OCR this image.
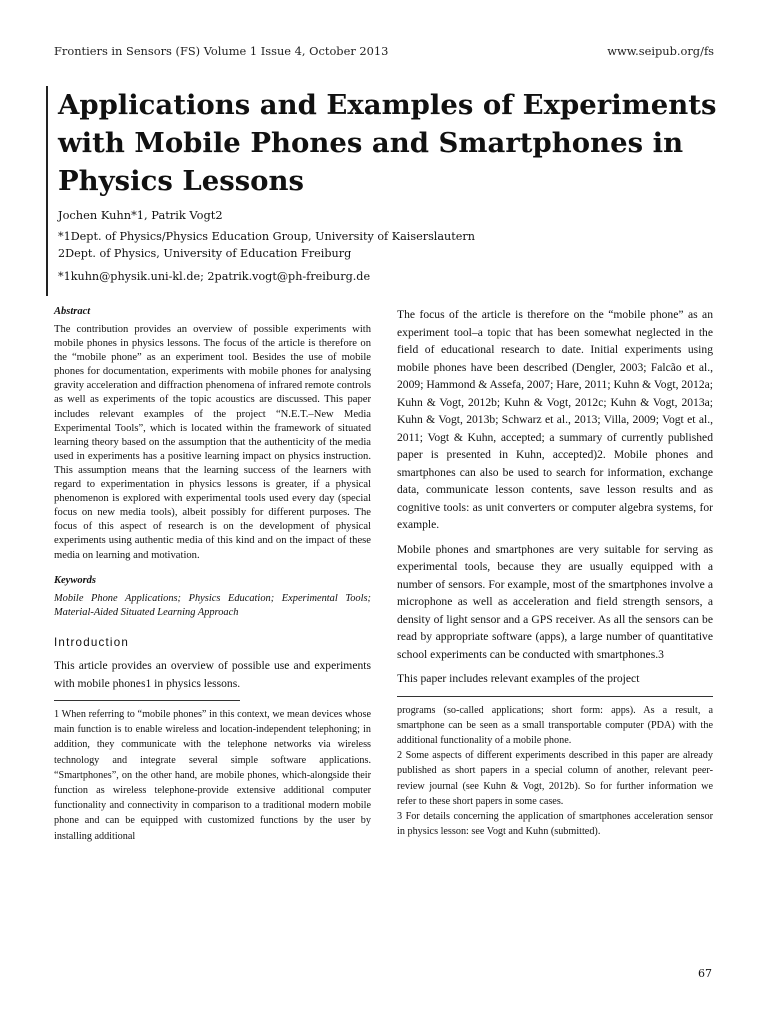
Frontiers in Sensors (FS) Volume 1 Issue 4, October 2013	www.seipub.org/fs
Applications and Examples of Experiments with Mobile Phones and Smartphones in Physics Lessons
Jochen Kuhn*1, Patrik Vogt2
*1Dept. of Physics/Physics Education Group, University of Kaiserslautern
2Dept. of Physics, University of Education Freiburg
*1kuhn@physik.uni-kl.de; 2patrik.vogt@ph-freiburg.de
Abstract

The contribution provides an overview of possible experiments with mobile phones in physics lessons. The focus of the article is therefore on the “mobile phone” as an experiment tool. Besides the use of mobile phones for documentation, experiments with mobile phones for analysing gravity acceleration and diffraction phenomena of infrared remote controls as well as experiments of the topic acoustics are discussed. This paper includes relevant examples of the project “N.E.T.–New Media Experimental Tools”, which is located within the framework of situated learning theory based on the assumption that the authenticity of the media used in experiments has a positive learning impact on physics instruction. This assumption means that the learning success of the learners with regard to experimentation in physics lessons is greater, if a physical phenomenon is explored with experimental tools used every day (special focus on new media tools), albeit possibly for different purposes. The focus of this aspect of research is on the development of physical experiments using authentic media of this kind and on the impact of these media on learning and motivation.

Keywords

Mobile Phone Applications; Physics Education; Experimental Tools; Material-Aided Situated Learning Approach

Introduction

This article provides an overview of possible use and experiments with mobile phones1 in physics lessons.

1 When referring to “mobile phones” in this context, we mean devices whose main function is to enable wireless and location-independent telephoning; in addition, they communicate with the telephone networks via wireless technology and integrate several simple software applications. “Smartphones”, on the other hand, are mobile phones, which-alongside their function as wireless telephone-provide extensive additional computer functionality and connectivity in comparison to a traditional modern mobile phone and can be equipped with customized functions by the user by installing additional

The focus of the article is therefore on the “mobile phone” as an experiment tool–a topic that has been somewhat neglected in the field of educational research to date. Initial experiments using mobile phones have been described (Dengler, 2003; Falcão et al., 2009; Hammond & Assefa, 2007; Hare, 2011; Kuhn & Vogt, 2012a; Kuhn & Vogt, 2012b; Kuhn & Vogt, 2012c; Kuhn & Vogt, 2013a; Kuhn & Vogt, 2013b; Schwarz et al., 2013; Villa, 2009; Vogt et al., 2011; Vogt & Kuhn, accepted; a summary of currently published paper is presented in Kuhn, accepted)2. Mobile phones and smartphones can also be used to search for information, exchange data, communicate lesson contents, save lesson results and as cognitive tools: as unit converters or computer algebra systems, for example.

Mobile phones and smartphones are very suitable for serving as experimental tools, because they are usually equipped with a number of sensors. For example, most of the smartphones involve a microphone as well as acceleration and field strength sensors, a density of light sensor and a GPS receiver. As all the sensors can be read by appropriate software (apps), a large number of quantitative school experiments can be conducted with smartphones.3

This paper includes relevant examples of the project

programs (so-called applications; short form: apps). As a result, a smartphone can be seen as a small transportable computer (PDA) with the additional functionality of a mobile phone.

2 Some aspects of different experiments described in this paper are already published as short papers in a special column of another, relevant peer-review journal (see Kuhn & Vogt, 2012b). So for further information we refer to these short papers in some cases.

3 For details concerning the application of smartphones acceleration sensor in physics lesson: see Vogt and Kuhn (submitted).

67
